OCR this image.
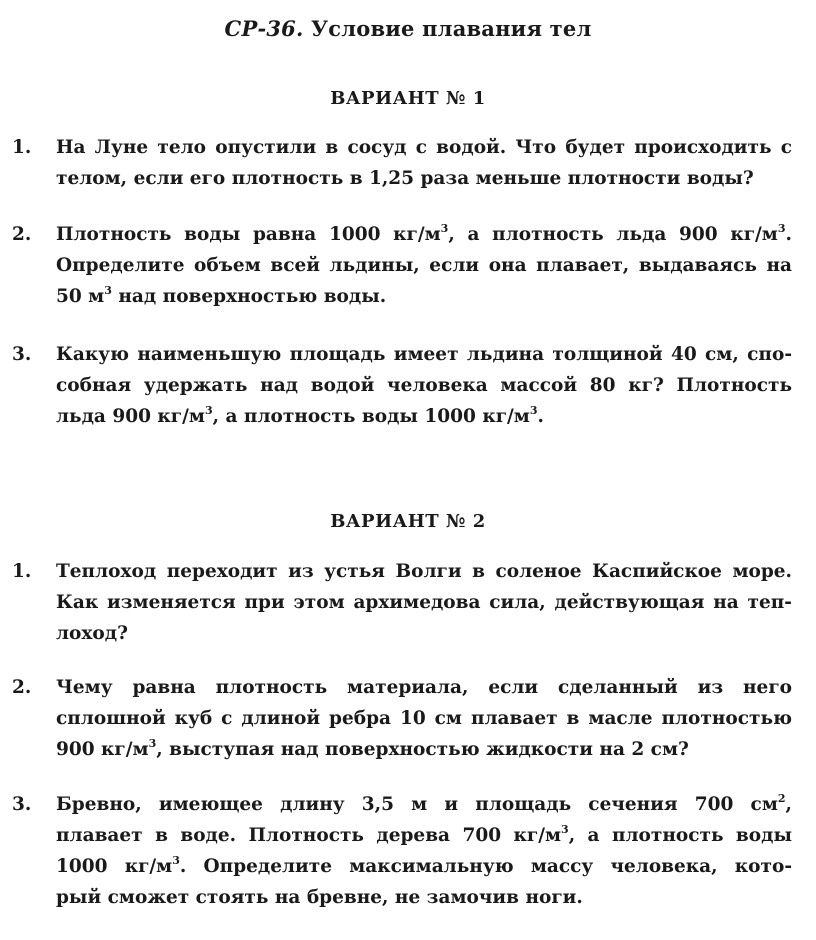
СР-36. Условие плавания тел
ВАРИАНТ № 1
1. На Луне тело опустили в сосуд с водой. Что будет происходить с
телом, если его плотность в 1,25 раза меньше плотности воды?
2. Плотность воды равна 1000 $кг/м^3$, а плотность льда 900 $кг/м^3$.
Определите объем всей льдины, если она плавает, выдаваясь на
50 $м^3$ над поверхностью воды.
3. Какую наименьшую площадь имеет льдина толщиной 40 см, спо-
собная удержать над водой человека массой 80 кг? Плотность
льда 900 $кг/м^3$, а плотность воды 1000 $кг/м^3$.
ВАРИАНТ № 2
1. Теплоход переходит из устья Волги в соленое Каспийское море.
Как изменяется при этом архимедова сила, действующая на теп-
лоход?
2. Чему равна плотность материала, если сделанный из него
сплошной куб с длиной ребра 10 см плавает в масле плотностью
900 $кг/м^3$, выступая над поверхностью жидкости на 2 см?
3. Бревно, имеющее длину 3,5 м и площадь сечения 700 $см^2$,
плавает в воде. Плотность дерева 700 $кг/м^3$, а плотность воды
1000 $кг/м^3$. Определите максимальную массу человека, кото-
рый сможет стоять на бревне, не замочив ноги.
